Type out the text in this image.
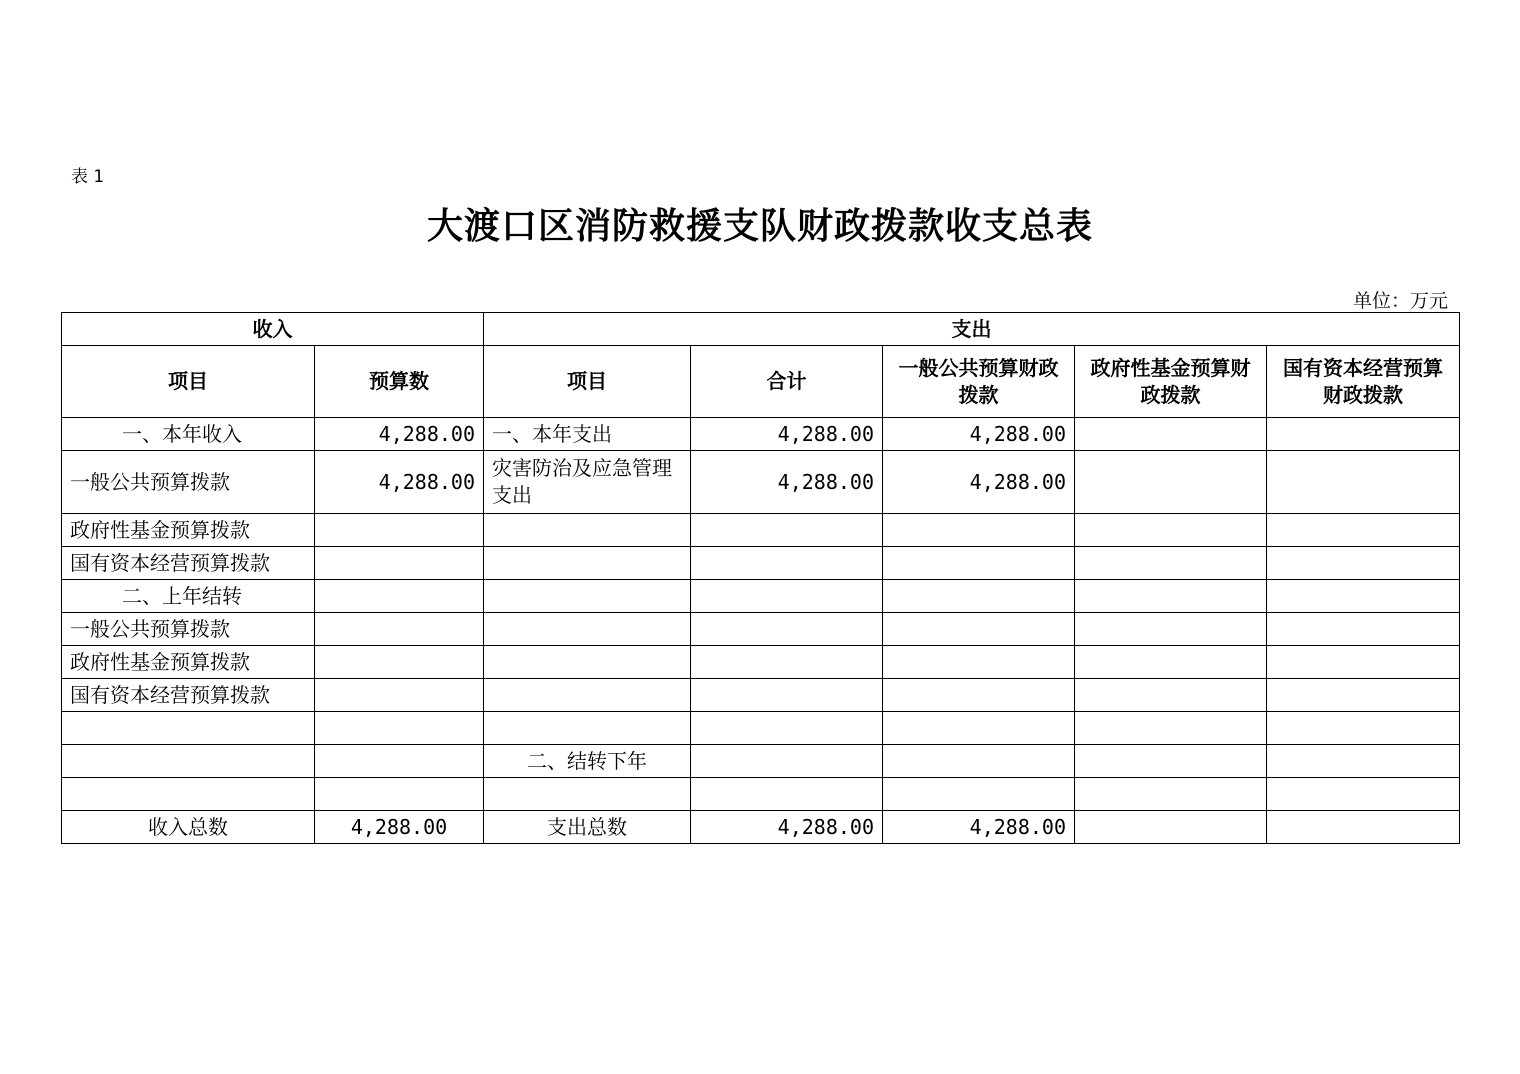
表 1
大渡口区消防救援支队财政拨款收支总表
单位：万元
收入		支出				
项目	预算数	项目	合计	一般公共预算财政拨款	政府性基金预算财政拨款	国有资本经营预算财政拨款
一、本年收入	4,288.00	一、本年支出	4,288.00	4,288.00		
一般公共预算拨款	4,288.00	灾害防治及应急管理支出	4,288.00	4,288.00		
政府性基金预算拨款						
国有资本经营预算拨款						
二、上年结转						
一般公共预算拨款						
政府性基金预算拨款						
国有资本经营预算拨款						

		二、结转下年				

收入总数	4,288.00	支出总数	4,288.00	4,288.00		
